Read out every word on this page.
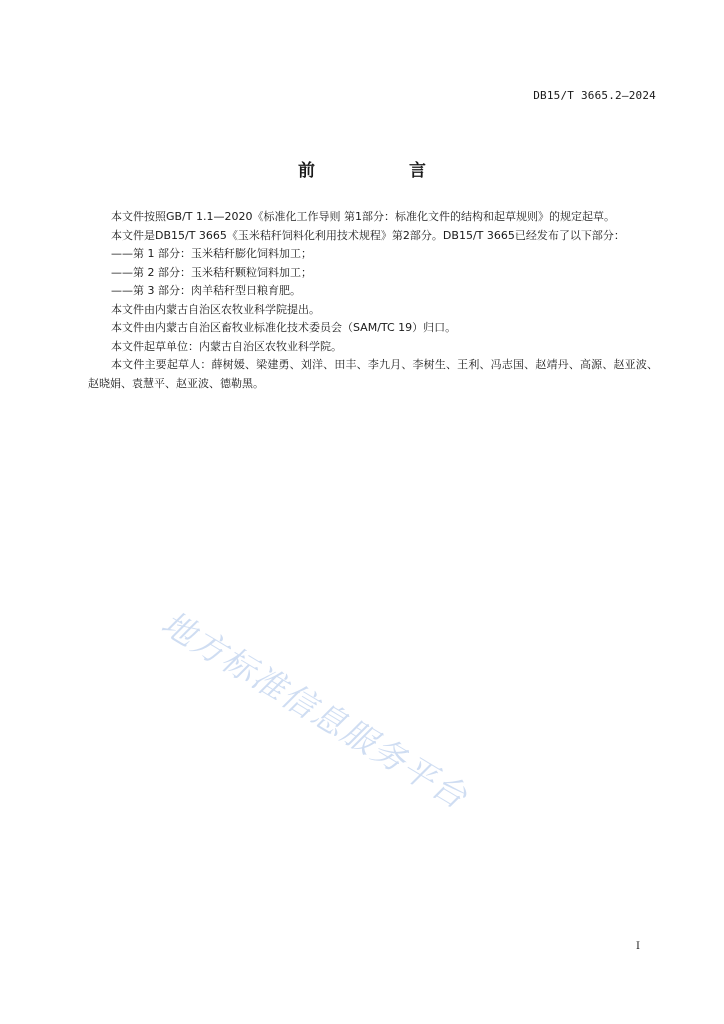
DB15/T 3665.2—2024
前 言

本文件按照GB/T 1.1—2020《标准化工作导则 第1部分：标准化文件的结构和起草规则》的规定起草。

本文件是DB15/T 3665《玉米秸秆饲料化利用技术规程》第2部分。DB15/T 3665已经发布了以下部分：

——第 1 部分：玉米秸秆膨化饲料加工；

——第 2 部分：玉米秸秆颗粒饲料加工；

——第 3 部分：肉羊秸秆型日粮育肥。

本文件由内蒙古自治区农牧业科学院提出。

本文件由内蒙古自治区畜牧业标准化技术委员会（SAM/TC 19）归口。

本文件起草单位：内蒙古自治区农牧业科学院。

本文件主要起草人：薛树媛、梁建勇、刘洋、田丰、李九月、李树生、王利、冯志国、赵靖丹、高源、赵亚波、赵晓娟、袁慧平、赵亚波、德勒黑。

地方标准信息服务平台
I
